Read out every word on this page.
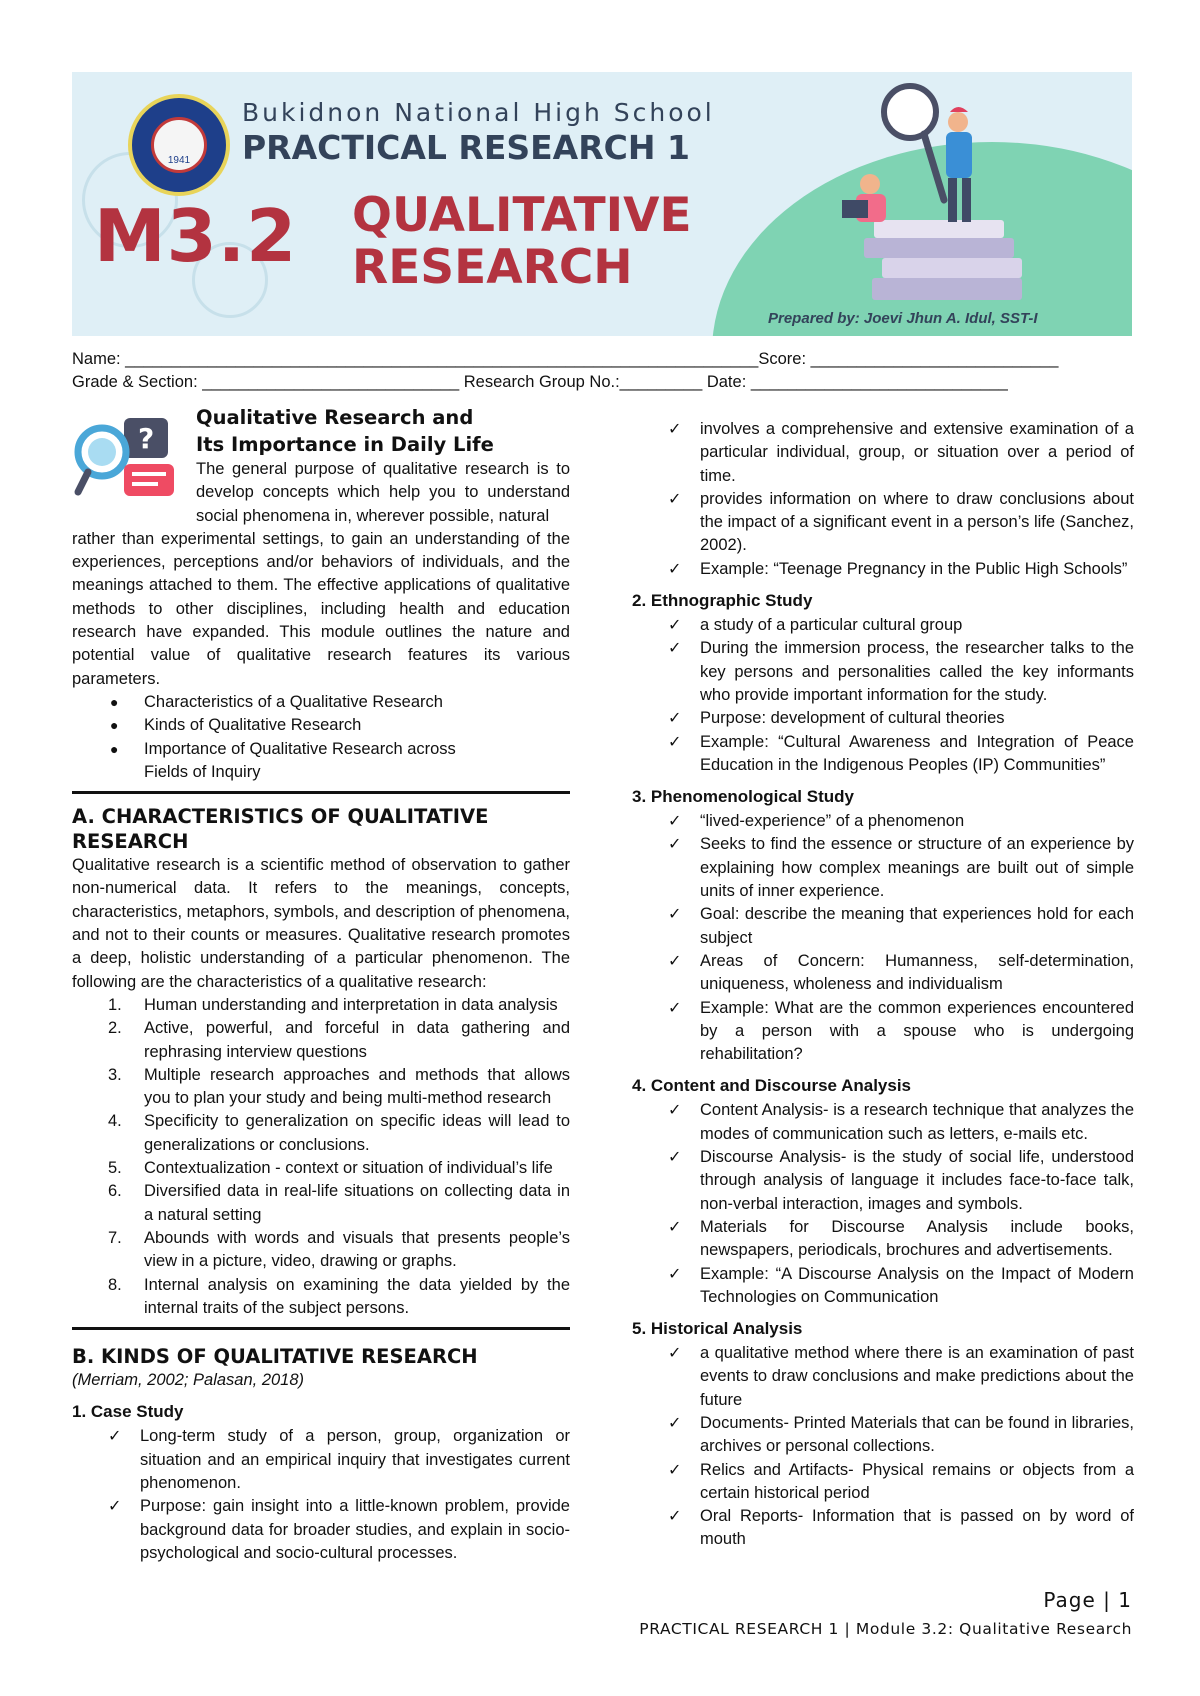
1941
Bukidnon National High School
PRACTICAL RESEARCH 1
M3.2 QUALITATIVE
RESEARCH
Prepared by: Joevi Jhun A. Idul, SST-I
Name: _____________________________________________________________________Score: ___________________________
Grade & Section: ____________________________ Research Group No.:_________ Date: ____________________________
?
Qualitative Research and
Its Importance in Daily Life

The general purpose of qualitative research is to develop concepts which help you to understand social phenomena in, wherever possible, natural

rather than experimental settings, to gain an understanding of the experiences, perceptions and/or behaviors of individuals, and the meanings attached to them. The effective applications of qualitative methods to other disciplines, including health and education research have expanded. This module outlines the nature and potential value of qualitative research features its various parameters.

● Characteristics of a Qualitative Research
● Kinds of Qualitative Research
● Importance of Qualitative Research across Fields of Inquiry
A. CHARACTERISTICS OF QUALITATIVE RESEARCH

Qualitative research is a scientific method of observation to gather non-numerical data. It refers to the meanings, concepts, characteristics, metaphors, symbols, and description of phenomena, and not to their counts or measures. Qualitative research promotes a deep, holistic understanding of a particular phenomenon. The following are the characteristics of a qualitative research:

1. Human understanding and interpretation in data analysis
2. Active, powerful, and forceful in data gathering and rephrasing interview questions
3. Multiple research approaches and methods that allows you to plan your study and being multi-method research
4. Specificity to generalization on specific ideas will lead to generalizations or conclusions.
5. Contextualization - context or situation of individual’s life
6. Diversified data in real-life situations on collecting data in a natural setting
7. Abounds with words and visuals that presents people’s view in a picture, video, drawing or graphs.
8. Internal analysis on examining the data yielded by the internal traits of the subject persons.
B. KINDS OF QUALITATIVE RESEARCH

(Merriam, 2002; Palasan, 2018)

1. Case Study
✓ Long-term study of a person, group, organization or situation and an empirical inquiry that investigates current phenomenon.
✓ Purpose: gain insight into a little-known problem, provide background data for broader studies, and explain in socio-psychological and socio-cultural processes.
✓ involves a comprehensive and extensive examination of a particular individual, group, or situation over a period of time.
✓ provides information on where to draw conclusions about the impact of a significant event in a person’s life (Sanchez, 2002).
✓ Example: “Teenage Pregnancy in the Public High Schools”
2. Ethnographic Study
✓ a study of a particular cultural group
✓ During the immersion process, the researcher talks to the key persons and personalities called the key informants who provide important information for the study.
✓ Purpose: development of cultural theories
✓ Example: “Cultural Awareness and Integration of Peace Education in the Indigenous Peoples (IP) Communities”
3. Phenomenological Study
✓ “lived-experience” of a phenomenon
✓ Seeks to find the essence or structure of an experience by explaining how complex meanings are built out of simple units of inner experience.
✓ Goal: describe the meaning that experiences hold for each subject
✓ Areas of Concern: Humanness, self-determination, uniqueness, wholeness and individualism
✓ Example: What are the common experiences encountered by a person with a spouse who is undergoing rehabilitation?
4. Content and Discourse Analysis
✓ Content Analysis- is a research technique that analyzes the modes of communication such as letters, e-mails etc.
✓ Discourse Analysis- is the study of social life, understood through analysis of language it includes face-to-face talk, non-verbal interaction, images and symbols.
✓ Materials for Discourse Analysis include books, newspapers, periodicals, brochures and advertisements.
✓ Example: “A Discourse Analysis on the Impact of Modern Technologies on Communication
5. Historical Analysis
✓ a qualitative method where there is an examination of past events to draw conclusions and make predictions about the future
✓ Documents- Printed Materials that can be found in libraries, archives or personal collections.
✓ Relics and Artifacts- Physical remains or objects from a certain historical period
✓ Oral Reports- Information that is passed on by word of mouth
Page | 1
PRACTICAL RESEARCH 1 | Module 3.2: Qualitative Research
